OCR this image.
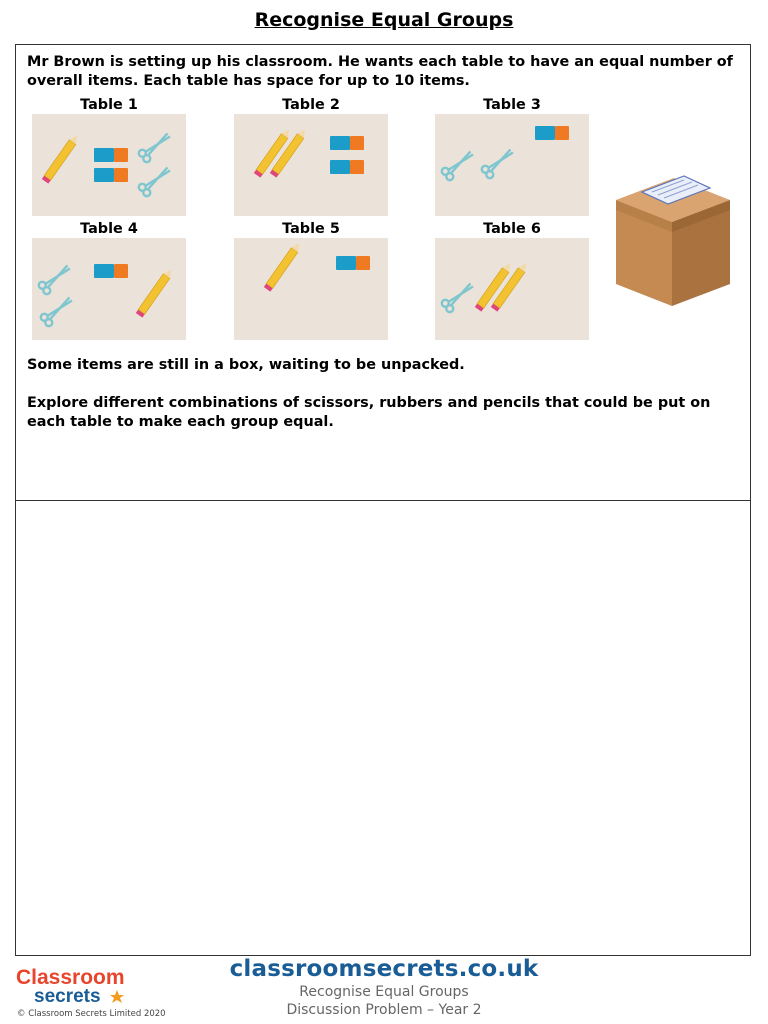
Recognise Equal Groups
Mr Brown is setting up his classroom. He wants each table to have an equal number of overall items. Each table has space for up to 10 items.
Table 1	Table 2	Table 3
Table 4	Table 5	Table 6
Some items are still in a box, waiting to be unpacked.
Explore different combinations of scissors, rubbers and pencils that could be put on each table to make each group equal.
Classroom
secrets
© Classroom Secrets Limited 2020
classroomsecrets.co.uk
Recognise Equal Groups
Discussion Problem – Year 2
